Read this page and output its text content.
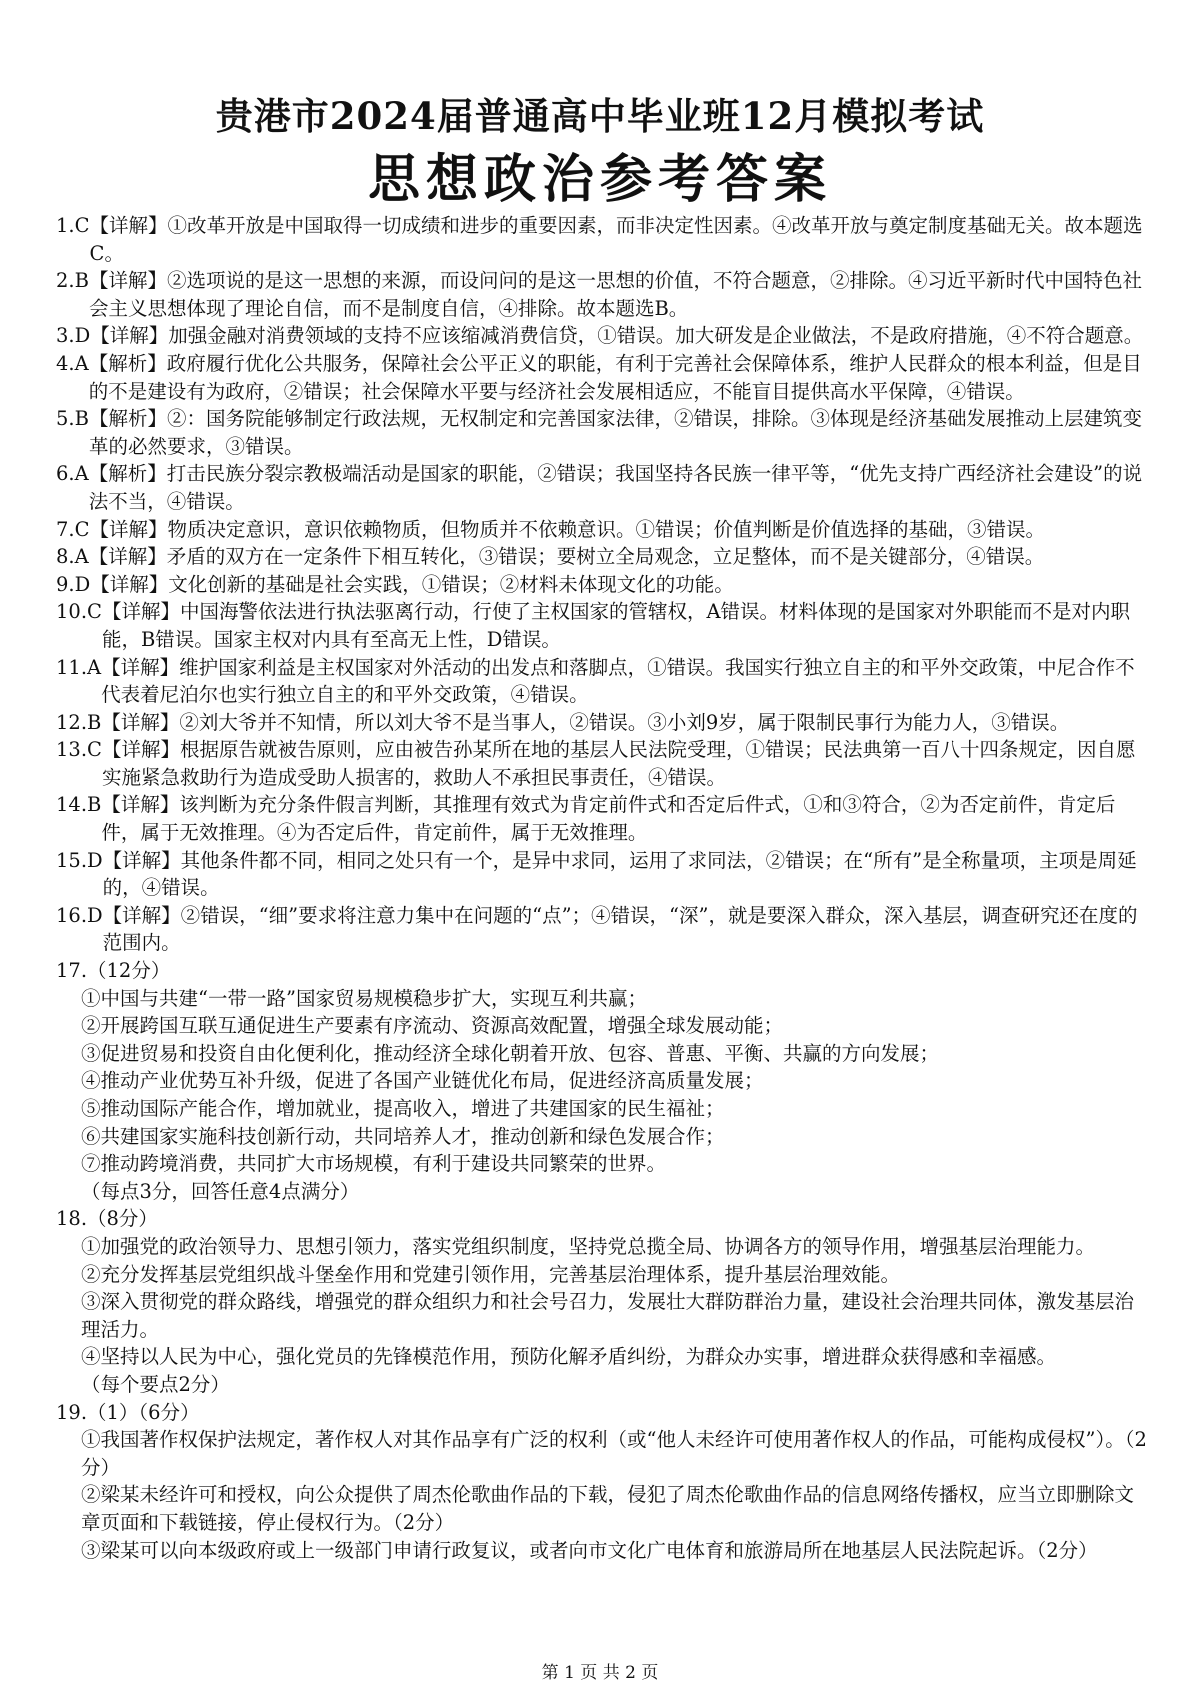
贵港市2024届普通高中毕业班12月模拟考试
思想政治参考答案
1.C 【详解】①改革开放是中国取得一切成绩和进步的重要因素，而非决定性因素。④改革开放与奠定制度基础无关。故本题选C。
2.B 【详解】②选项说的是这一思想的来源，而设问问的是这一思想的价值，不符合题意，②排除。④习近平新时代中国特色社会主义思想体现了理论自信，而不是制度自信，④排除。故本题选B。
3.D 【详解】加强金融对消费领域的支持不应该缩减消费信贷，①错误。加大研发是企业做法，不是政府措施，④不符合题意。
4.A 【解析】政府履行优化公共服务，保障社会公平正义的职能，有利于完善社会保障体系，维护人民群众的根本利益，但是目的不是建设有为政府，②错误；社会保障水平要与经济社会发展相适应，不能盲目提供高水平保障，④错误。
5.B 【解析】②：国务院能够制定行政法规，无权制定和完善国家法律，②错误，排除。③体现是经济基础发展推动上层建筑变革的必然要求，③错误。
6.A 【解析】打击民族分裂宗教极端活动是国家的职能，②错误；我国坚持各民族一律平等，“优先支持广西经济社会建设”的说法不当，④错误。
7.C 【详解】物质决定意识，意识依赖物质，但物质并不依赖意识。①错误；价值判断是价值选择的基础，③错误。
8.A 【详解】矛盾的双方在一定条件下相互转化，③错误；要树立全局观念，立足整体，而不是关键部分，④错误。
9.D 【详解】文化创新的基础是社会实践，①错误；②材料未体现文化的功能。
10.C 【详解】中国海警依法进行执法驱离行动，行使了主权国家的管辖权，A错误。材料体现的是国家对外职能而不是对内职能，B错误。国家主权对内具有至高无上性，D错误。
11.A 【详解】维护国家利益是主权国家对外活动的出发点和落脚点，①错误。我国实行独立自主的和平外交政策，中尼合作不代表着尼泊尔也实行独立自主的和平外交政策，④错误。
12.B 【详解】②刘大爷并不知情，所以刘大爷不是当事人，②错误。③小刘9岁，属于限制民事行为能力人，③错误。
13.C 【详解】根据原告就被告原则，应由被告孙某所在地的基层人民法院受理，①错误；民法典第一百八十四条规定，因自愿实施紧急救助行为造成受助人损害的，救助人不承担民事责任，④错误。
14.B 【详解】该判断为充分条件假言判断，其推理有效式为肯定前件式和否定后件式，①和③符合，②为否定前件，肯定后件，属于无效推理。④为否定后件，肯定前件，属于无效推理。
15.D 【详解】其他条件都不同，相同之处只有一个，是异中求同，运用了求同法，②错误；在“所有”是全称量项，主项是周延的，④错误。
16.D 【详解】②错误，“细”要求将注意力集中在问题的“点”；④错误，“深”，就是要深入群众，深入基层，调查研究还在度的范围内。
17.（12分）
①中国与共建“一带一路”国家贸易规模稳步扩大，实现互利共赢；
②开展跨国互联互通促进生产要素有序流动、资源高效配置，增强全球发展动能；
③促进贸易和投资自由化便利化，推动经济全球化朝着开放、包容、普惠、平衡、共赢的方向发展；
④推动产业优势互补升级，促进了各国产业链优化布局，促进经济高质量发展；
⑤推动国际产能合作，增加就业，提高收入，增进了共建国家的民生福祉；
⑥共建国家实施科技创新行动，共同培养人才，推动创新和绿色发展合作；
⑦推动跨境消费，共同扩大市场规模，有利于建设共同繁荣的世界。
（每点3分，回答任意4点满分）
18.（8分）
①加强党的政治领导力、思想引领力，落实党组织制度，坚持党总揽全局、协调各方的领导作用，增强基层治理能力。
②充分发挥基层党组织战斗堡垒作用和党建引领作用，完善基层治理体系，提升基层治理效能。
③深入贯彻党的群众路线，增强党的群众组织力和社会号召力，发展壮大群防群治力量，建设社会治理共同体，激发基层治理活力。
④坚持以人民为中心，强化党员的先锋模范作用，预防化解矛盾纠纷，为群众办实事，增进群众获得感和幸福感。
（每个要点2分）
19.（1）（6分）
①我国著作权保护法规定，著作权人对其作品享有广泛的权利（或“他人未经许可使用著作权人的作品，可能构成侵权”）。（2分）
②梁某未经许可和授权，向公众提供了周杰伦歌曲作品的下载，侵犯了周杰伦歌曲作品的信息网络传播权，应当立即删除文章页面和下载链接，停止侵权行为。（2分）
③梁某可以向本级政府或上一级部门申请行政复议，或者向市文化广电体育和旅游局所在地基层人民法院起诉。（2分）
第 1 页 共 2 页
